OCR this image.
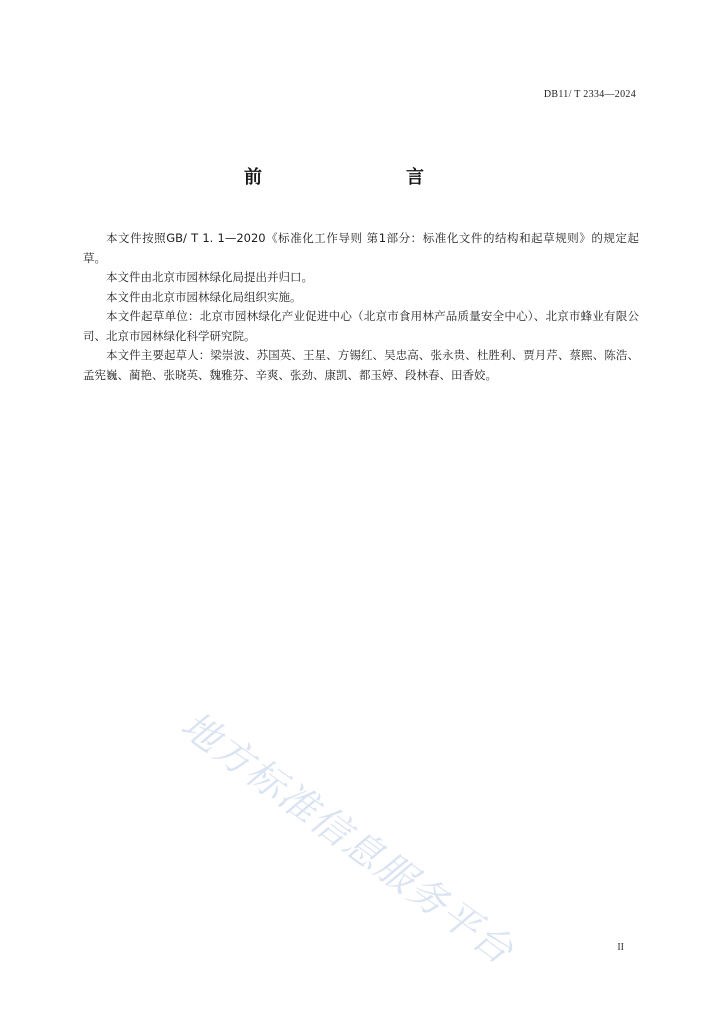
DB11/ T 2334—2024
前　　言

本文件按照GB/ T 1. 1—2020《标准化工作导则 第1部分：标准化文件的结构和起草规则》的规定起草。

本文件由北京市园林绿化局提出并归口。

本文件由北京市园林绿化局组织实施。

本文件起草单位：北京市园林绿化产业促进中心（北京市食用林产品质量安全中心）、北京市蜂业有限公司、北京市园林绿化科学研究院。

本文件主要起草人：梁崇波、苏国英、王星、方锡红、吴忠高、张永贵、杜胜利、贾月芹、蔡熙、陈浩、孟宪巍、蔺艳、张晓英、魏雅芬、辛爽、张劲、康凯、都玉婷、段林春、田香姣。

地方标准信息服务平台	II
